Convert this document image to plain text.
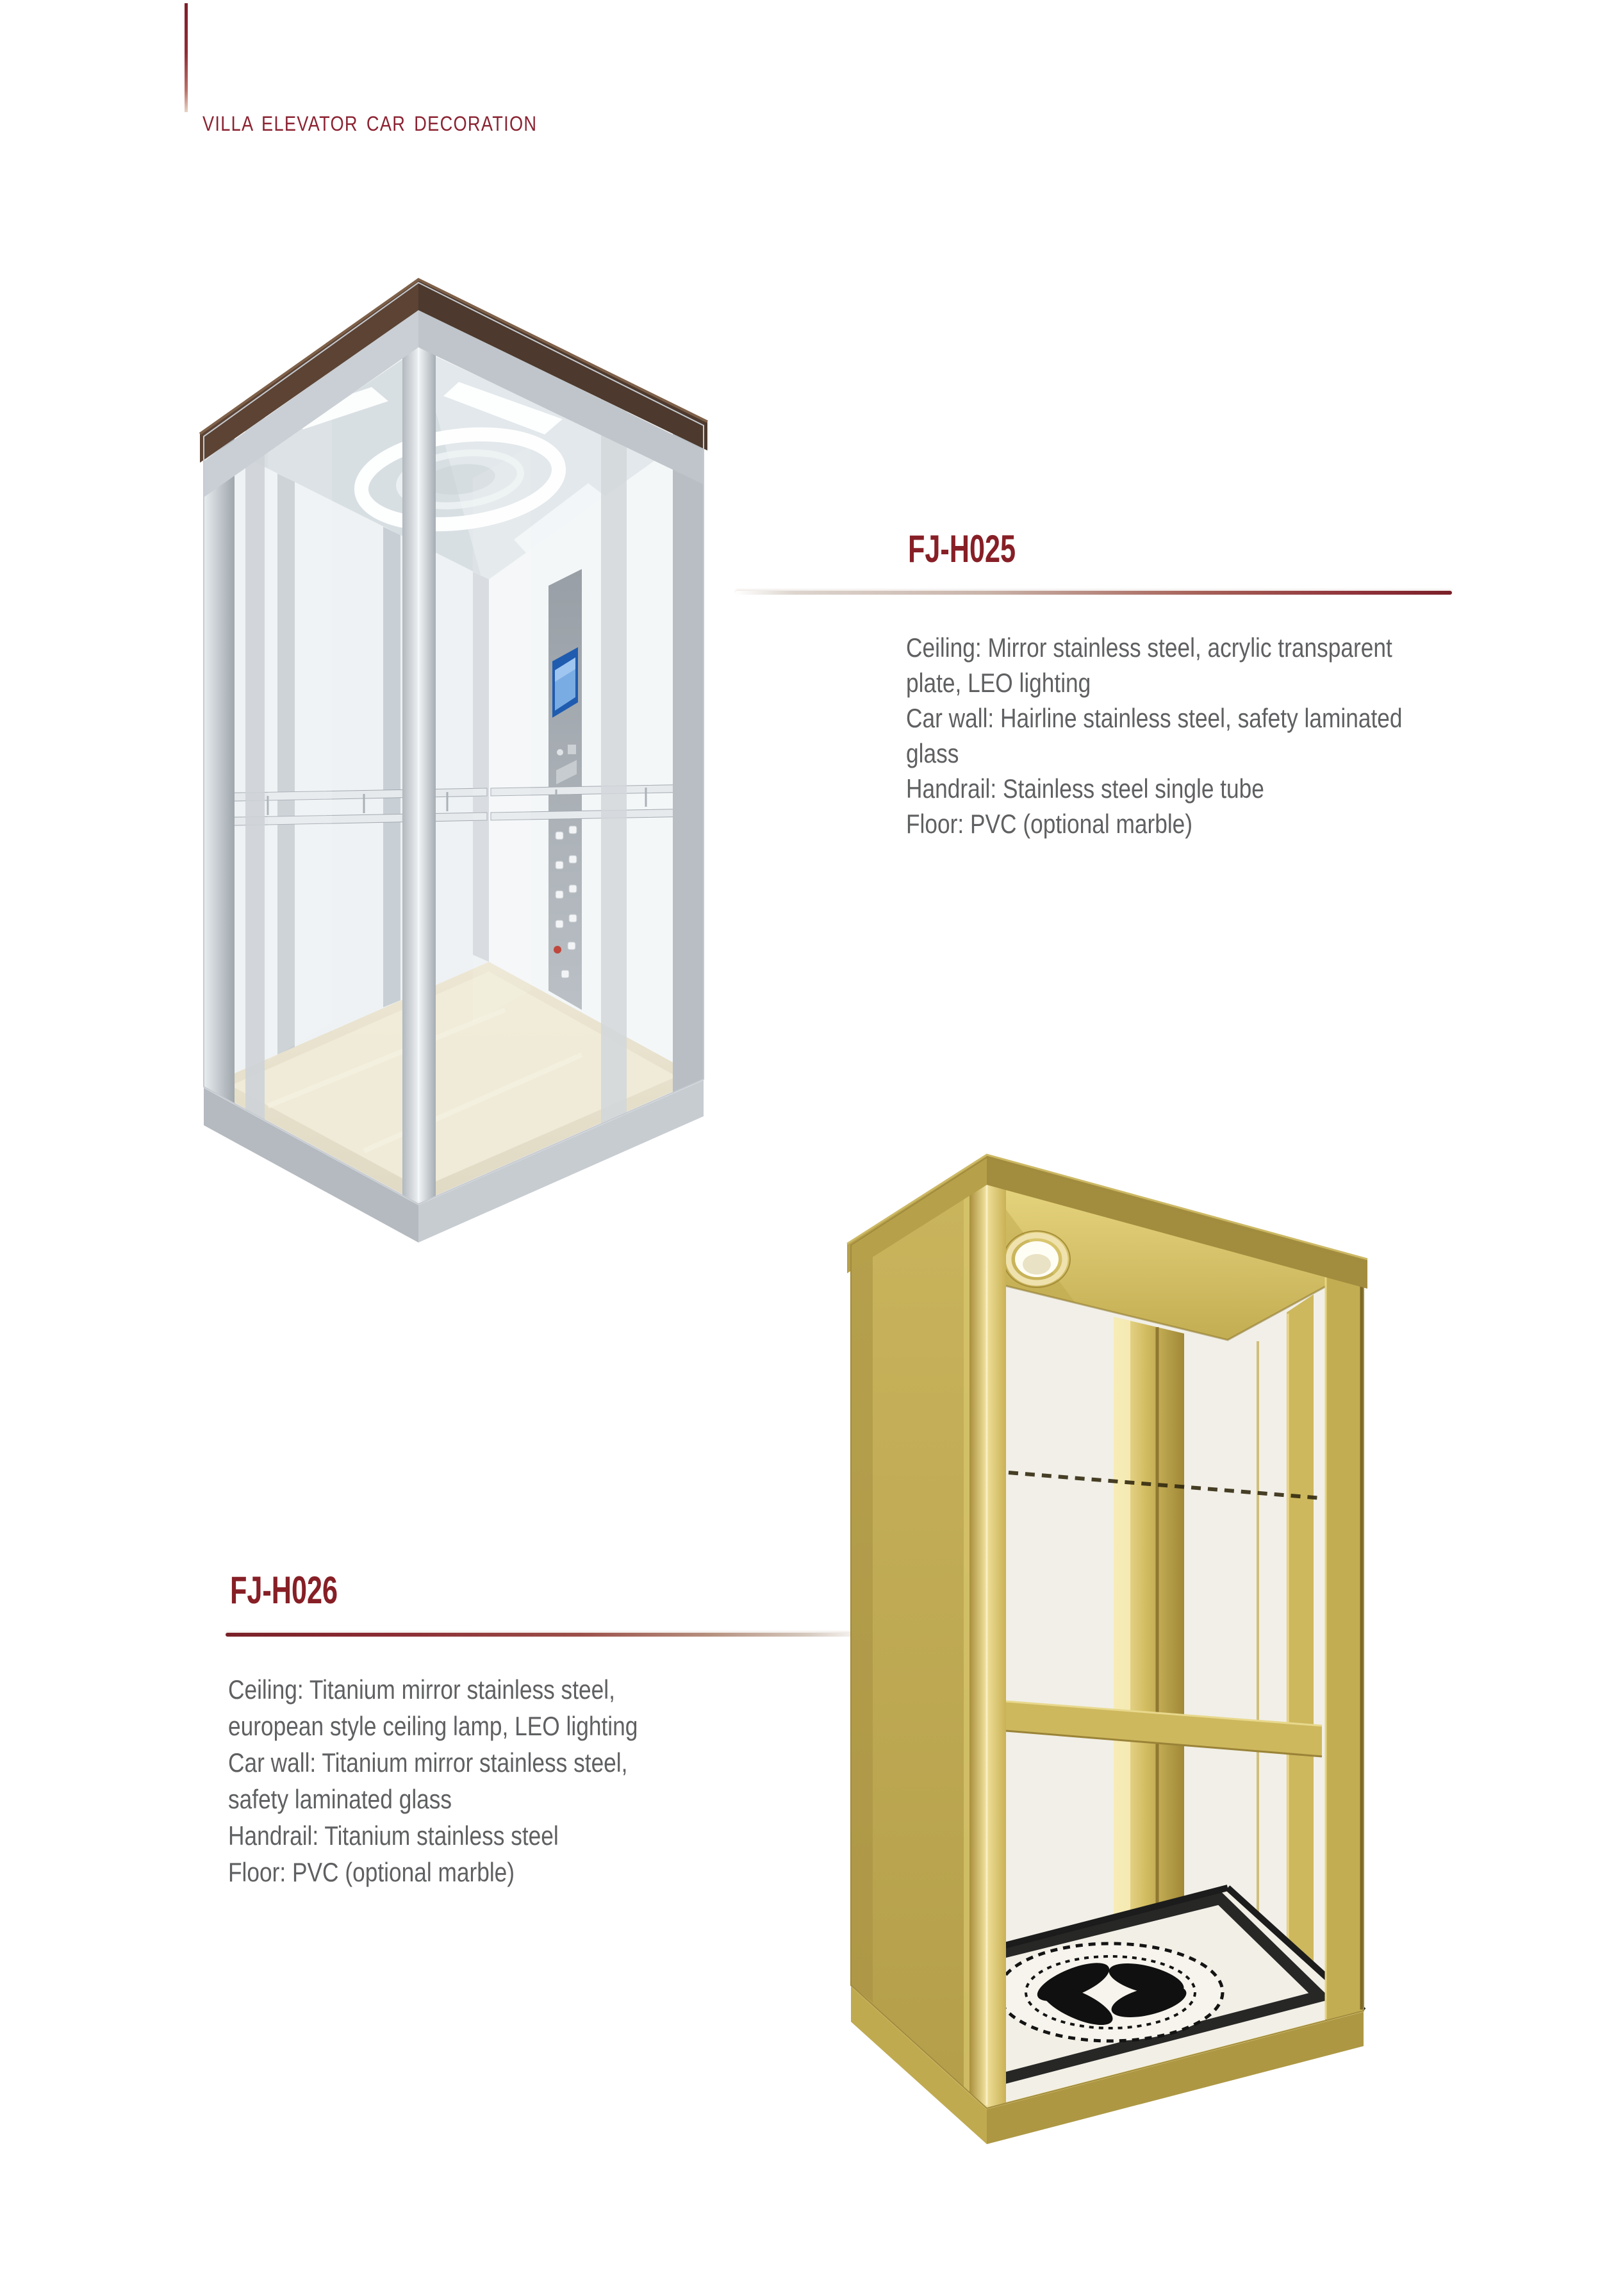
VILLA ELEVATOR CAR DECORATION
FJ-H025
Ceiling: Mirror stainless steel, acrylic transparent
plate, LEO lighting
Car wall: Hairline stainless steel, safety laminated
glass
Handrail: Stainless steel single tube
Floor: PVC (optional marble)
FJ-H026
Ceiling: Titanium mirror stainless steel,
european style ceiling lamp, LEO lighting
Car wall: Titanium mirror stainless steel,
safety laminated glass
Handrail: Titanium stainless steel
Floor: PVC (optional marble)
